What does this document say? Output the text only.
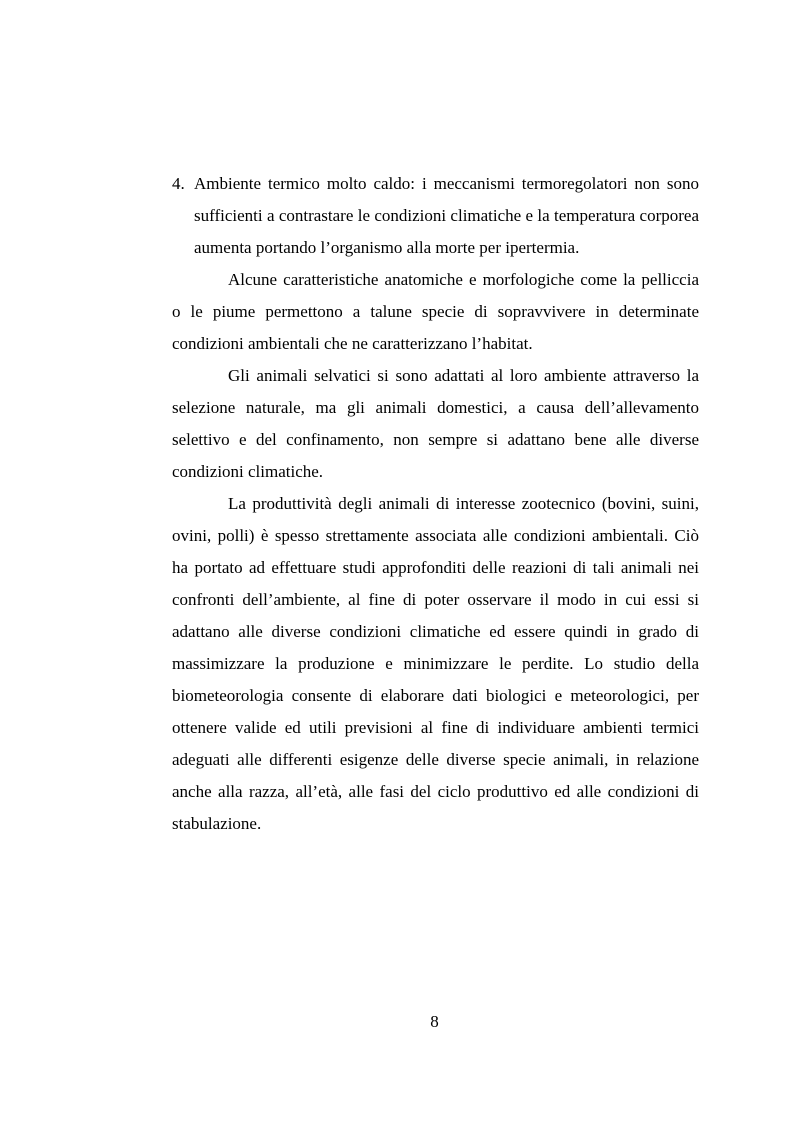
4. Ambiente termico molto caldo: i meccanismi termoregolatori non sono sufficienti a contrastare le condizioni climatiche e la temperatura corporea aumenta portando l’organismo alla morte per ipertermia.

Alcune caratteristiche anatomiche e morfologiche come la pelliccia o le piume permettono a talune specie di sopravvivere in determinate condizioni ambientali che ne caratterizzano l’habitat.

Gli animali selvatici si sono adattati al loro ambiente attraverso la selezione naturale, ma gli animali domestici, a causa dell’allevamento selettivo e del confinamento, non sempre si adattano bene alle diverse condizioni climatiche.

La produttività degli animali di interesse zootecnico (bovini, suini, ovini, polli) è spesso strettamente associata alle condizioni ambientali. Ciò ha portato ad effettuare studi approfonditi delle reazioni di tali animali nei confronti dell’ambiente, al fine di poter osservare il modo in cui essi si adattano alle diverse condizioni climatiche ed essere quindi in grado di massimizzare la produzione e minimizzare le perdite. Lo studio della biometeorologia consente di elaborare dati biologici e meteorologici, per ottenere valide ed utili previsioni al fine di individuare ambienti termici adeguati alle differenti esigenze delle diverse specie animali, in relazione anche alla razza, all’età, alle fasi del ciclo produttivo ed alle condizioni di stabulazione.

8
